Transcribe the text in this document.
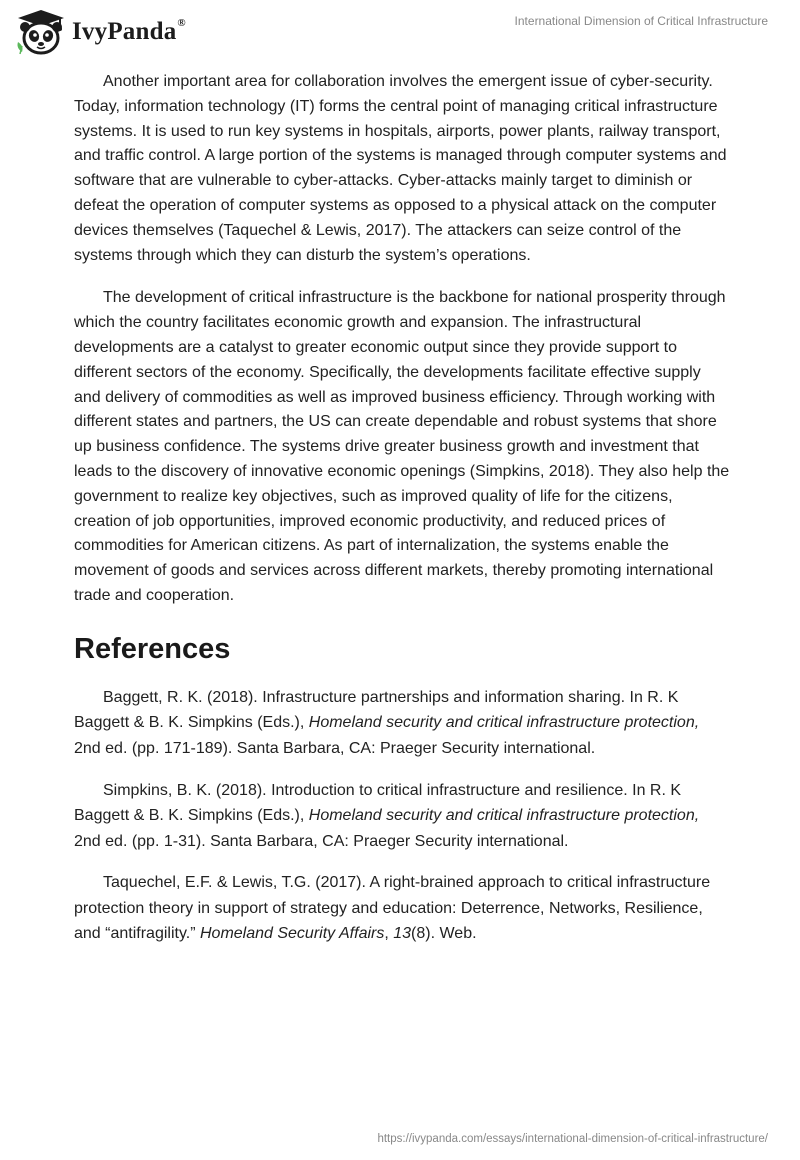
IvyPanda®	International Dimension of Critical Infrastructure

Another important area for collaboration involves the emergent issue of cyber-security. Today, information technology (IT) forms the central point of managing critical infrastructure systems. It is used to run key systems in hospitals, airports, power plants, railway transport, and traffic control. A large portion of the systems is managed through computer systems and software that are vulnerable to cyber-attacks. Cyber-attacks mainly target to diminish or defeat the operation of computer systems as opposed to a physical attack on the computer devices themselves (Taquechel & Lewis, 2017). The attackers can seize control of the systems through which they can disturb the system’s operations.

The development of critical infrastructure is the backbone for national prosperity through which the country facilitates economic growth and expansion. The infrastructural developments are a catalyst to greater economic output since they provide support to different sectors of the economy. Specifically, the developments facilitate effective supply and delivery of commodities as well as improved business efficiency. Through working with different states and partners, the US can create dependable and robust systems that shore up business confidence. The systems drive greater business growth and investment that leads to the discovery of innovative economic openings (Simpkins, 2018). They also help the government to realize key objectives, such as improved quality of life for the citizens, creation of job opportunities, improved economic productivity, and reduced prices of commodities for American citizens. As part of internalization, the systems enable the movement of goods and services across different markets, thereby promoting international trade and cooperation.

References

Baggett, R. K. (2018). Infrastructure partnerships and information sharing. In R. K Baggett & B. K. Simpkins (Eds.), Homeland security and critical infrastructure protection, 2nd ed. (pp. 171-189). Santa Barbara, CA: Praeger Security international.

Simpkins, B. K. (2018). Introduction to critical infrastructure and resilience. In R. K Baggett & B. K. Simpkins (Eds.), Homeland security and critical infrastructure protection, 2nd ed. (pp. 1-31). Santa Barbara, CA: Praeger Security international.

Taquechel, E.F. & Lewis, T.G. (2017). A right-brained approach to critical infrastructure protection theory in support of strategy and education: Deterrence, Networks, Resilience, and “antifragility.” Homeland Security Affairs, 13(8). Web.

https://ivypanda.com/essays/international-dimension-of-critical-infrastructure/
